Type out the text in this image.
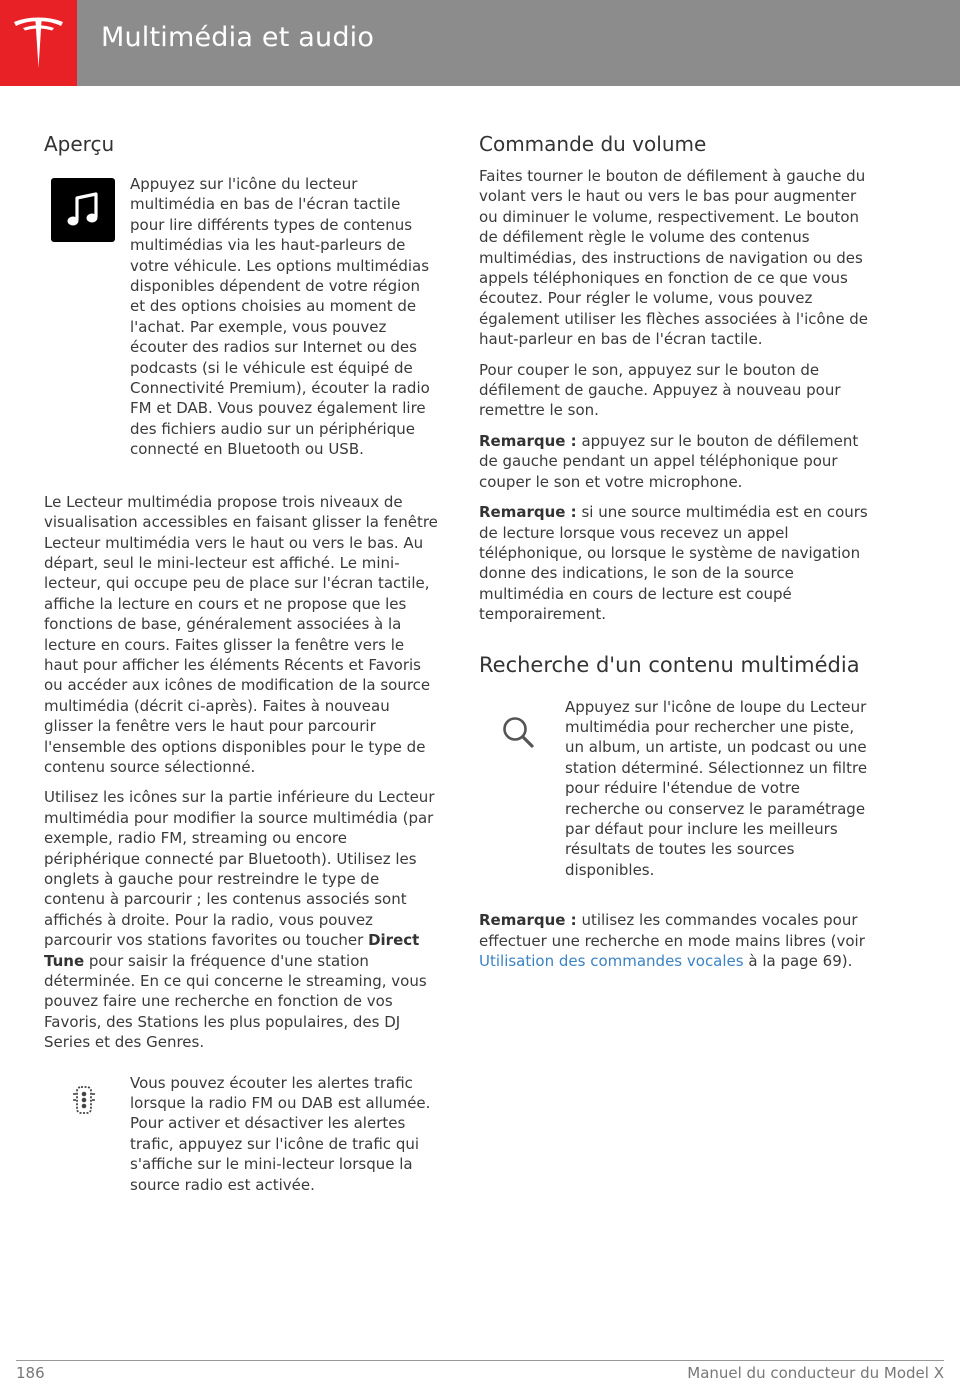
Multimédia et audio
Aperçu

Appuyez sur l'icône du lecteur multimédia en bas de l'écran tactile pour lire différents types de contenus multimédias via les haut-parleurs de votre véhicule. Les options multimédias disponibles dépendent de votre région et des options choisies au moment de l'achat. Par exemple, vous pouvez écouter des radios sur Internet ou des podcasts (si le véhicule est équipé de Connectivité Premium), écouter la radio FM et DAB. Vous pouvez également lire des fichiers audio sur un périphérique connecté en Bluetooth ou USB.

Le Lecteur multimédia propose trois niveaux de visualisation accessibles en faisant glisser la fenêtre Lecteur multimédia vers le haut ou vers le bas. Au départ, seul le mini-lecteur est affiché. Le mini-lecteur, qui occupe peu de place sur l'écran tactile, affiche la lecture en cours et ne propose que les fonctions de base, généralement associées à la lecture en cours. Faites glisser la fenêtre vers le haut pour afficher les éléments Récents et Favoris ou accéder aux icônes de modification de la source multimédia (décrit ci-après). Faites à nouveau glisser la fenêtre vers le haut pour parcourir l'ensemble des options disponibles pour le type de contenu source sélectionné.

Utilisez les icônes sur la partie inférieure du Lecteur multimédia pour modifier la source multimédia (par exemple, radio FM, streaming ou encore périphérique connecté par Bluetooth). Utilisez les onglets à gauche pour restreindre le type de contenu à parcourir ; les contenus associés sont affichés à droite. Pour la radio, vous pouvez parcourir vos stations favorites ou toucher Direct Tune pour saisir la fréquence d'une station déterminée. En ce qui concerne le streaming, vous pouvez faire une recherche en fonction de vos Favoris, des Stations les plus populaires, des DJ Series et des Genres.

Vous pouvez écouter les alertes trafic lorsque la radio FM ou DAB est allumée. Pour activer et désactiver les alertes trafic, appuyez sur l'icône de trafic qui s'affiche sur le mini-lecteur lorsque la source radio est activée.

Commande du volume

Faites tourner le bouton de défilement à gauche du volant vers le haut ou vers le bas pour augmenter ou diminuer le volume, respectivement. Le bouton de défilement règle le volume des contenus multimédias, des instructions de navigation ou des appels téléphoniques en fonction de ce que vous écoutez. Pour régler le volume, vous pouvez également utiliser les flèches associées à l'icône de haut-parleur en bas de l'écran tactile.

Pour couper le son, appuyez sur le bouton de défilement de gauche. Appuyez à nouveau pour remettre le son.

Remarque : appuyez sur le bouton de défilement de gauche pendant un appel téléphonique pour couper le son et votre microphone.

Remarque : si une source multimédia est en cours de lecture lorsque vous recevez un appel téléphonique, ou lorsque le système de navigation donne des indications, le son de la source multimédia en cours de lecture est coupé temporairement.

Recherche d'un contenu multimédia

Appuyez sur l'icône de loupe du Lecteur multimédia pour rechercher une piste, un album, un artiste, un podcast ou une station déterminé. Sélectionnez un filtre pour réduire l'étendue de votre recherche ou conservez le paramétrage par défaut pour inclure les meilleurs résultats de toutes les sources disponibles.

Remarque : utilisez les commandes vocales pour effectuer une recherche en mode mains libres (voir Utilisation des commandes vocales à la page 69).

186	Manuel du conducteur du Model X
